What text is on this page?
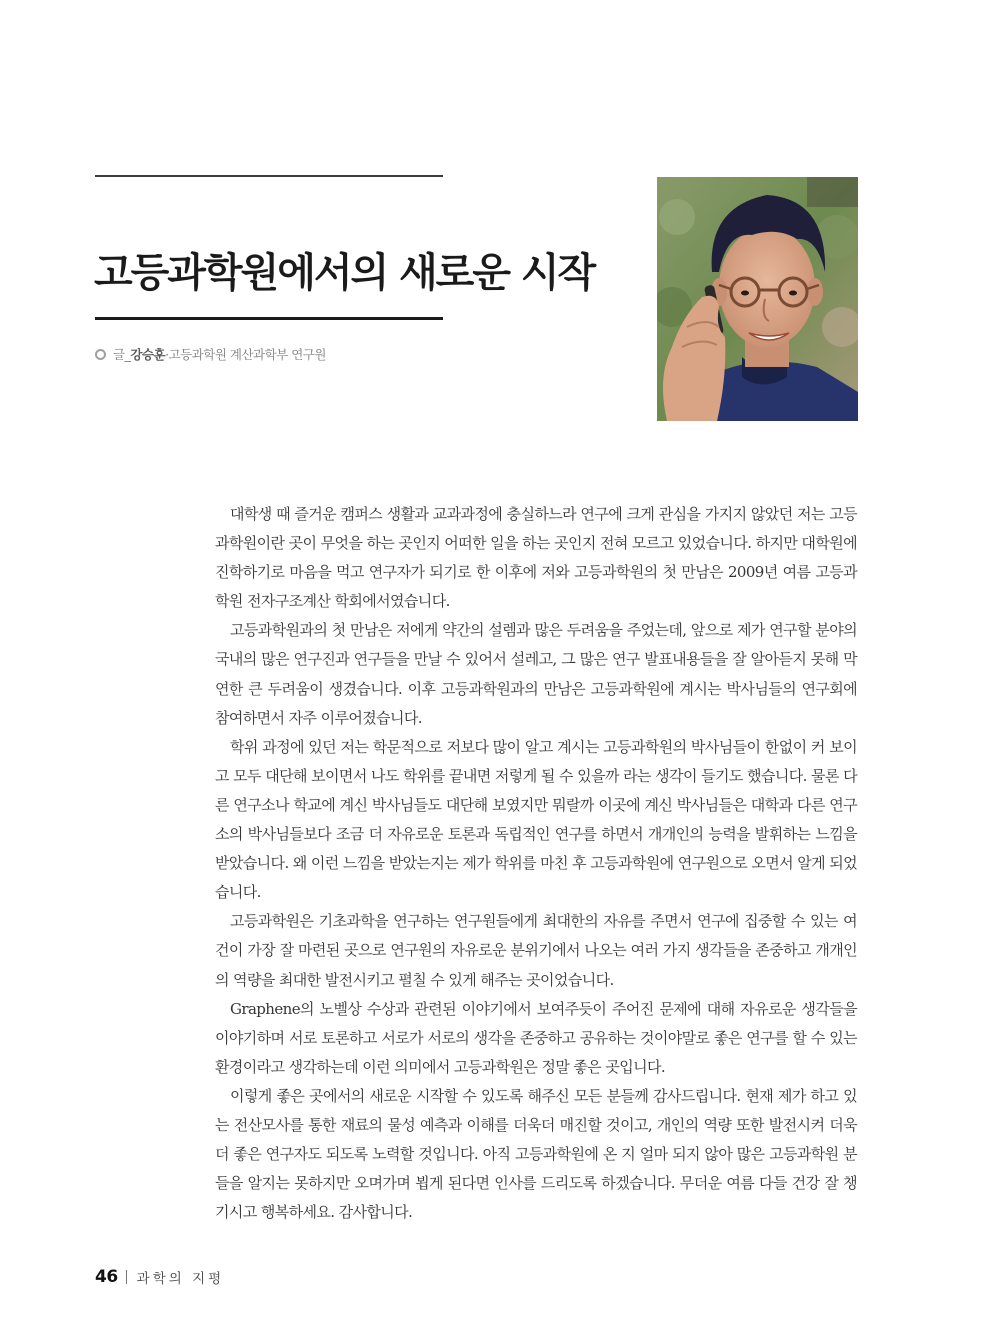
고등과학원에서의 새로운 시작
글_ 강승훈 ·고등과학원 계산과학부 연구원

대학생 때 즐거운 캠퍼스 생활과 교과과정에 충실하느라 연구에 크게 관심을 가지지 않았던 저는 고등과학원이란 곳이 무엇을 하는 곳인지 어떠한 일을 하는 곳인지 전혀 모르고 있었습니다. 하지만 대학원에 진학하기로 마음을 먹고 연구자가 되기로 한 이후에 저와 고등과학원의 첫 만남은 2009년 여름 고등과학원 전자구조계산 학회에서였습니다.

고등과학원과의 첫 만남은 저에게 약간의 설렘과 많은 두려움을 주었는데, 앞으로 제가 연구할 분야의 국내의 많은 연구진과 연구들을 만날 수 있어서 설레고, 그 많은 연구 발표내용들을 잘 알아듣지 못해 막연한 큰 두려움이 생겼습니다. 이후 고등과학원과의 만남은 고등과학원에 계시는 박사님들의 연구회에 참여하면서 자주 이루어졌습니다.

학위 과정에 있던 저는 학문적으로 저보다 많이 알고 계시는 고등과학원의 박사님들이 한없이 커 보이고 모두 대단해 보이면서 나도 학위를 끝내면 저렇게 될 수 있을까 라는 생각이 들기도 했습니다. 물론 다른 연구소나 학교에 계신 박사님들도 대단해 보였지만 뭐랄까 이곳에 계신 박사님들은 대학과 다른 연구소의 박사님들보다 조금 더 자유로운 토론과 독립적인 연구를 하면서 개개인의 능력을 발휘하는 느낌을 받았습니다. 왜 이런 느낌을 받았는지는 제가 학위를 마친 후 고등과학원에 연구원으로 오면서 알게 되었습니다.

고등과학원은 기초과학을 연구하는 연구원들에게 최대한의 자유를 주면서 연구에 집중할 수 있는 여건이 가장 잘 마련된 곳으로 연구원의 자유로운 분위기에서 나오는 여러 가지 생각들을 존중하고 개개인의 역량을 최대한 발전시키고 펼칠 수 있게 해주는 곳이었습니다.

Graphene의 노벨상 수상과 관련된 이야기에서 보여주듯이 주어진 문제에 대해 자유로운 생각들을 이야기하며 서로 토론하고 서로가 서로의 생각을 존중하고 공유하는 것이야말로 좋은 연구를 할 수 있는 환경이라고 생각하는데 이런 의미에서 고등과학원은 정말 좋은 곳입니다.

이렇게 좋은 곳에서의 새로운 시작할 수 있도록 해주신 모든 분들께 감사드립니다. 현재 제가 하고 있는 전산모사를 통한 재료의 물성 예측과 이해를 더욱더 매진할 것이고, 개인의 역량 또한 발전시켜 더욱더 좋은 연구자도 되도록 노력할 것입니다. 아직 고등과학원에 온 지 얼마 되지 않아 많은 고등과학원 분들을 알지는 못하지만 오며가며 뵙게 된다면 인사를 드리도록 하겠습니다. 무더운 여름 다들 건강 잘 챙기시고 행복하세요. 감사합니다.

46 과학의 지평
